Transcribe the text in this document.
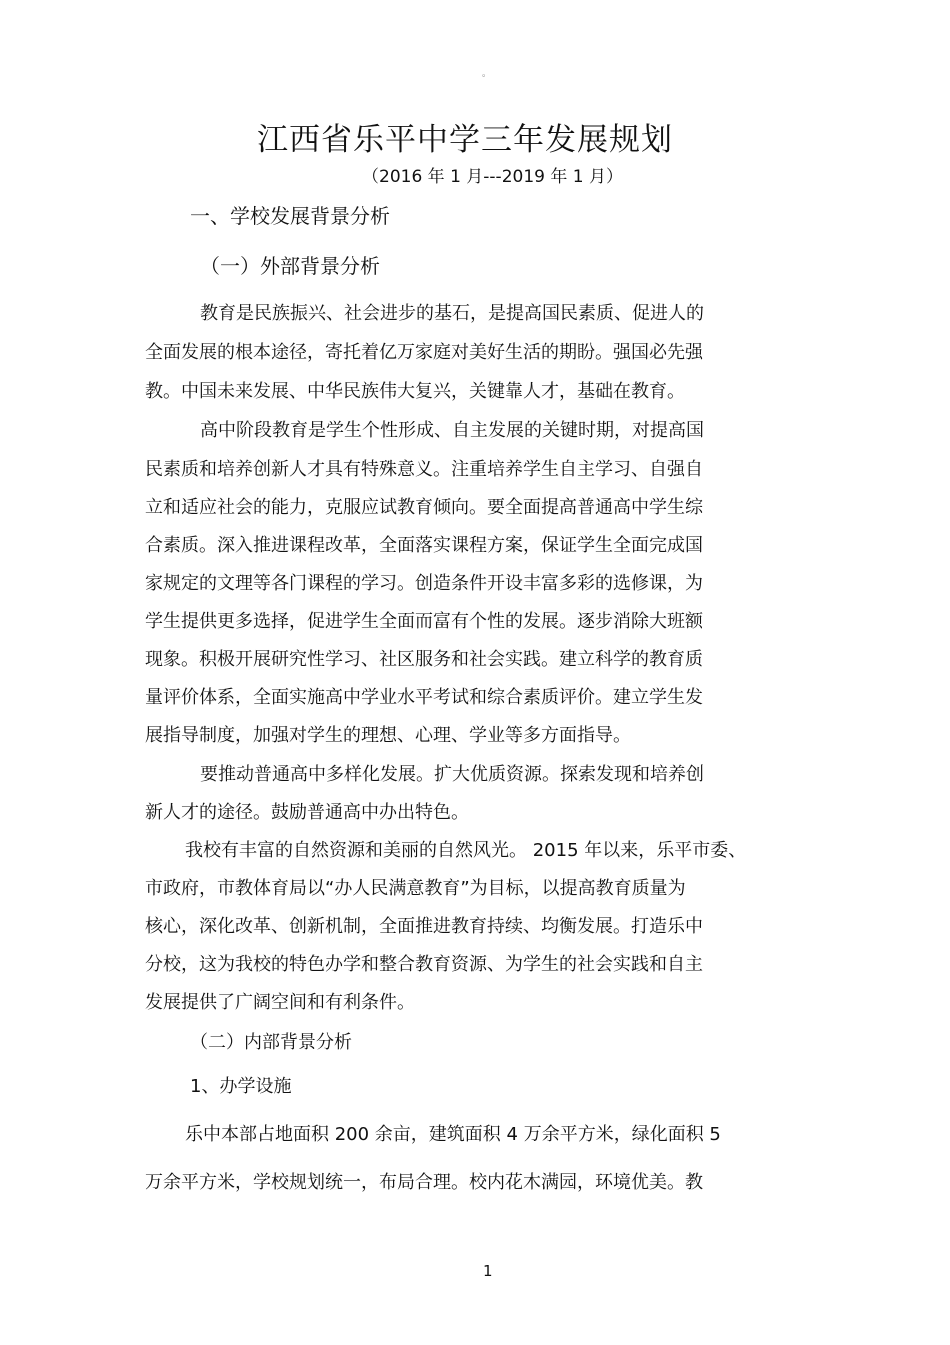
。
江西省乐平中学三年发展规划
（2016 年 1 月---2019 年 1 月）
一、学校发展背景分析
（一）外部背景分析
教育是民族振兴、社会进步的基石，是提高国民素质、促进人的
全面发展的根本途径，寄托着亿万家庭对美好生活的期盼。强国必先强
教。中国未来发展、中华民族伟大复兴，关键靠人才，基础在教育。
高中阶段教育是学生个性形成、自主发展的关键时期，对提高国
民素质和培养创新人才具有特殊意义。注重培养学生自主学习、自强自
立和适应社会的能力，克服应试教育倾向。要全面提高普通高中学生综
合素质。深入推进课程改革，全面落实课程方案，保证学生全面完成国
家规定的文理等各门课程的学习。创造条件开设丰富多彩的选修课，为
学生提供更多选择，促进学生全面而富有个性的发展。逐步消除大班额
现象。积极开展研究性学习、社区服务和社会实践。建立科学的教育质
量评价体系，全面实施高中学业水平考试和综合素质评价。建立学生发
展指导制度，加强对学生的理想、心理、学业等多方面指导。
要推动普通高中多样化发展。扩大优质资源。探索发现和培养创
新人才的途径。鼓励普通高中办出特色。
我校有丰富的自然资源和美丽的自然风光。 2015 年以来，乐平市委、
市政府，市教体育局以“办人民满意教育”为目标，以提高教育质量为
核心，深化改革、创新机制，全面推进教育持续、均衡发展。打造乐中
分校，这为我校的特色办学和整合教育资源、为学生的社会实践和自主
发展提供了广阔空间和有利条件。
（二）内部背景分析
1、办学设施
乐中本部占地面积 200 余亩，建筑面积 4 万余平方米，绿化面积 5
万余平方米，学校规划统一，布局合理。校内花木满园，环境优美。教
1
